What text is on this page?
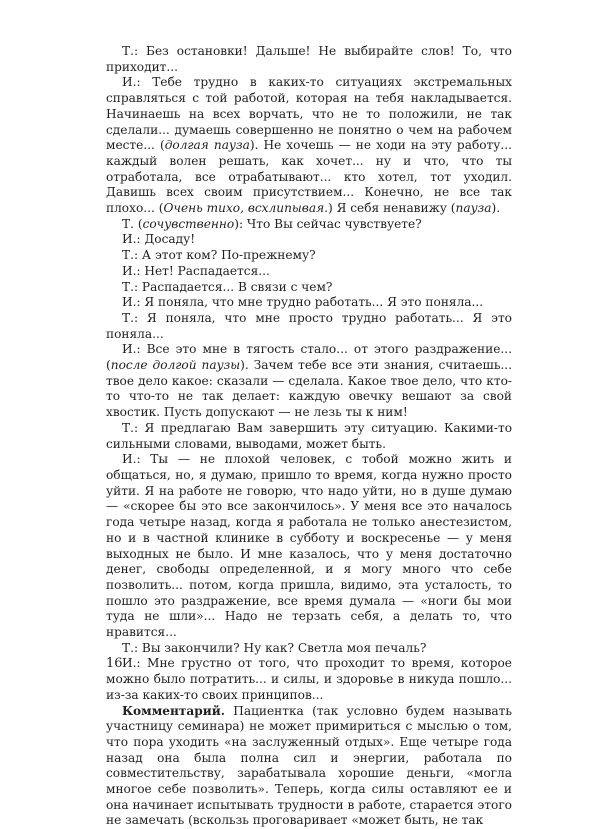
Т.: Без остановки! Дальше! Не выбирайте слов! То, что приходит...

И.: Тебе трудно в каких-то ситуациях экстремальных справляться с той работой, которая на тебя накладывается. Начинаешь на всех ворчать, что не то положили, не так сделали... думаешь совершенно не понятно о чем на рабочем месте... (долгая пауза). Не хочешь — не ходи на эту работу... каждый волен решать, как хочет... ну и что, что ты отработала, все отрабатывают... кто хотел, тот уходил. Давишь всех своим присутствием... Конечно, не все так плохо... (Очень тихо, всхлипывая.) Я себя ненавижу (пауза).

Т. (сочувственно): Что Вы сейчас чувствуете?

И.: Досаду!

Т.: А этот ком? По-прежнему?

И.: Нет! Распадается...

Т.: Распадается... В связи с чем?

И.: Я поняла, что мне трудно работать... Я это поняла...

Т.: Я поняла, что мне просто трудно работать... Я это поняла...

И.: Все это мне в тягость стало... от этого раздражение... (после долгой паузы). Зачем тебе все эти знания, считаешь... твое дело какое: сказали — сделала. Какое твое дело, что кто-то что-то не так делает: каждую овечку вешают за свой хвостик. Пусть допускают — не лезь ты к ним!

Т.: Я предлагаю Вам завершить эту ситуацию. Какими-то сильными словами, выводами, может быть.

И.: Ты — не плохой человек, с тобой можно жить и общаться, но, я думаю, пришло то время, когда нужно просто уйти. Я на работе не говорю, что надо уйти, но в душе думаю — «скорее бы это все закончилось». У меня все это началось года четыре назад, когда я работала не только анестезистом, но и в частной клинике в субботу и воскресенье — у меня выходных не было. И мне казалось, что у меня достаточно денег, свободы определенной, и я могу много что себе позволить... потом, когда пришла, видимо, эта усталость, то пошло это раздражение, все время думала — «ноги бы мои туда не шли»... Надо не терзать себя, а делать то, что нравится...

Т.: Вы закончили? Ну как? Светла моя печаль?

И.: Мне грустно от того, что проходит то время, которое можно было потратить... и силы, и здоровье в никуда пошло... из-за каких-то своих принципов...

Комментарий. Пациентка (так условно будем называть участницу семинара) не может примириться с мыслью о том, что пора уходить «на заслуженный отдых». Еще четыре года назад она была полна сил и энергии, работала по совместительству, зарабатывала хорошие деньги, «могла многое себе позволить». Теперь, когда силы оставляют ее и она начинает испытывать трудности в работе, старается этого не замечать (вскользь проговаривает «может быть, не так

16
